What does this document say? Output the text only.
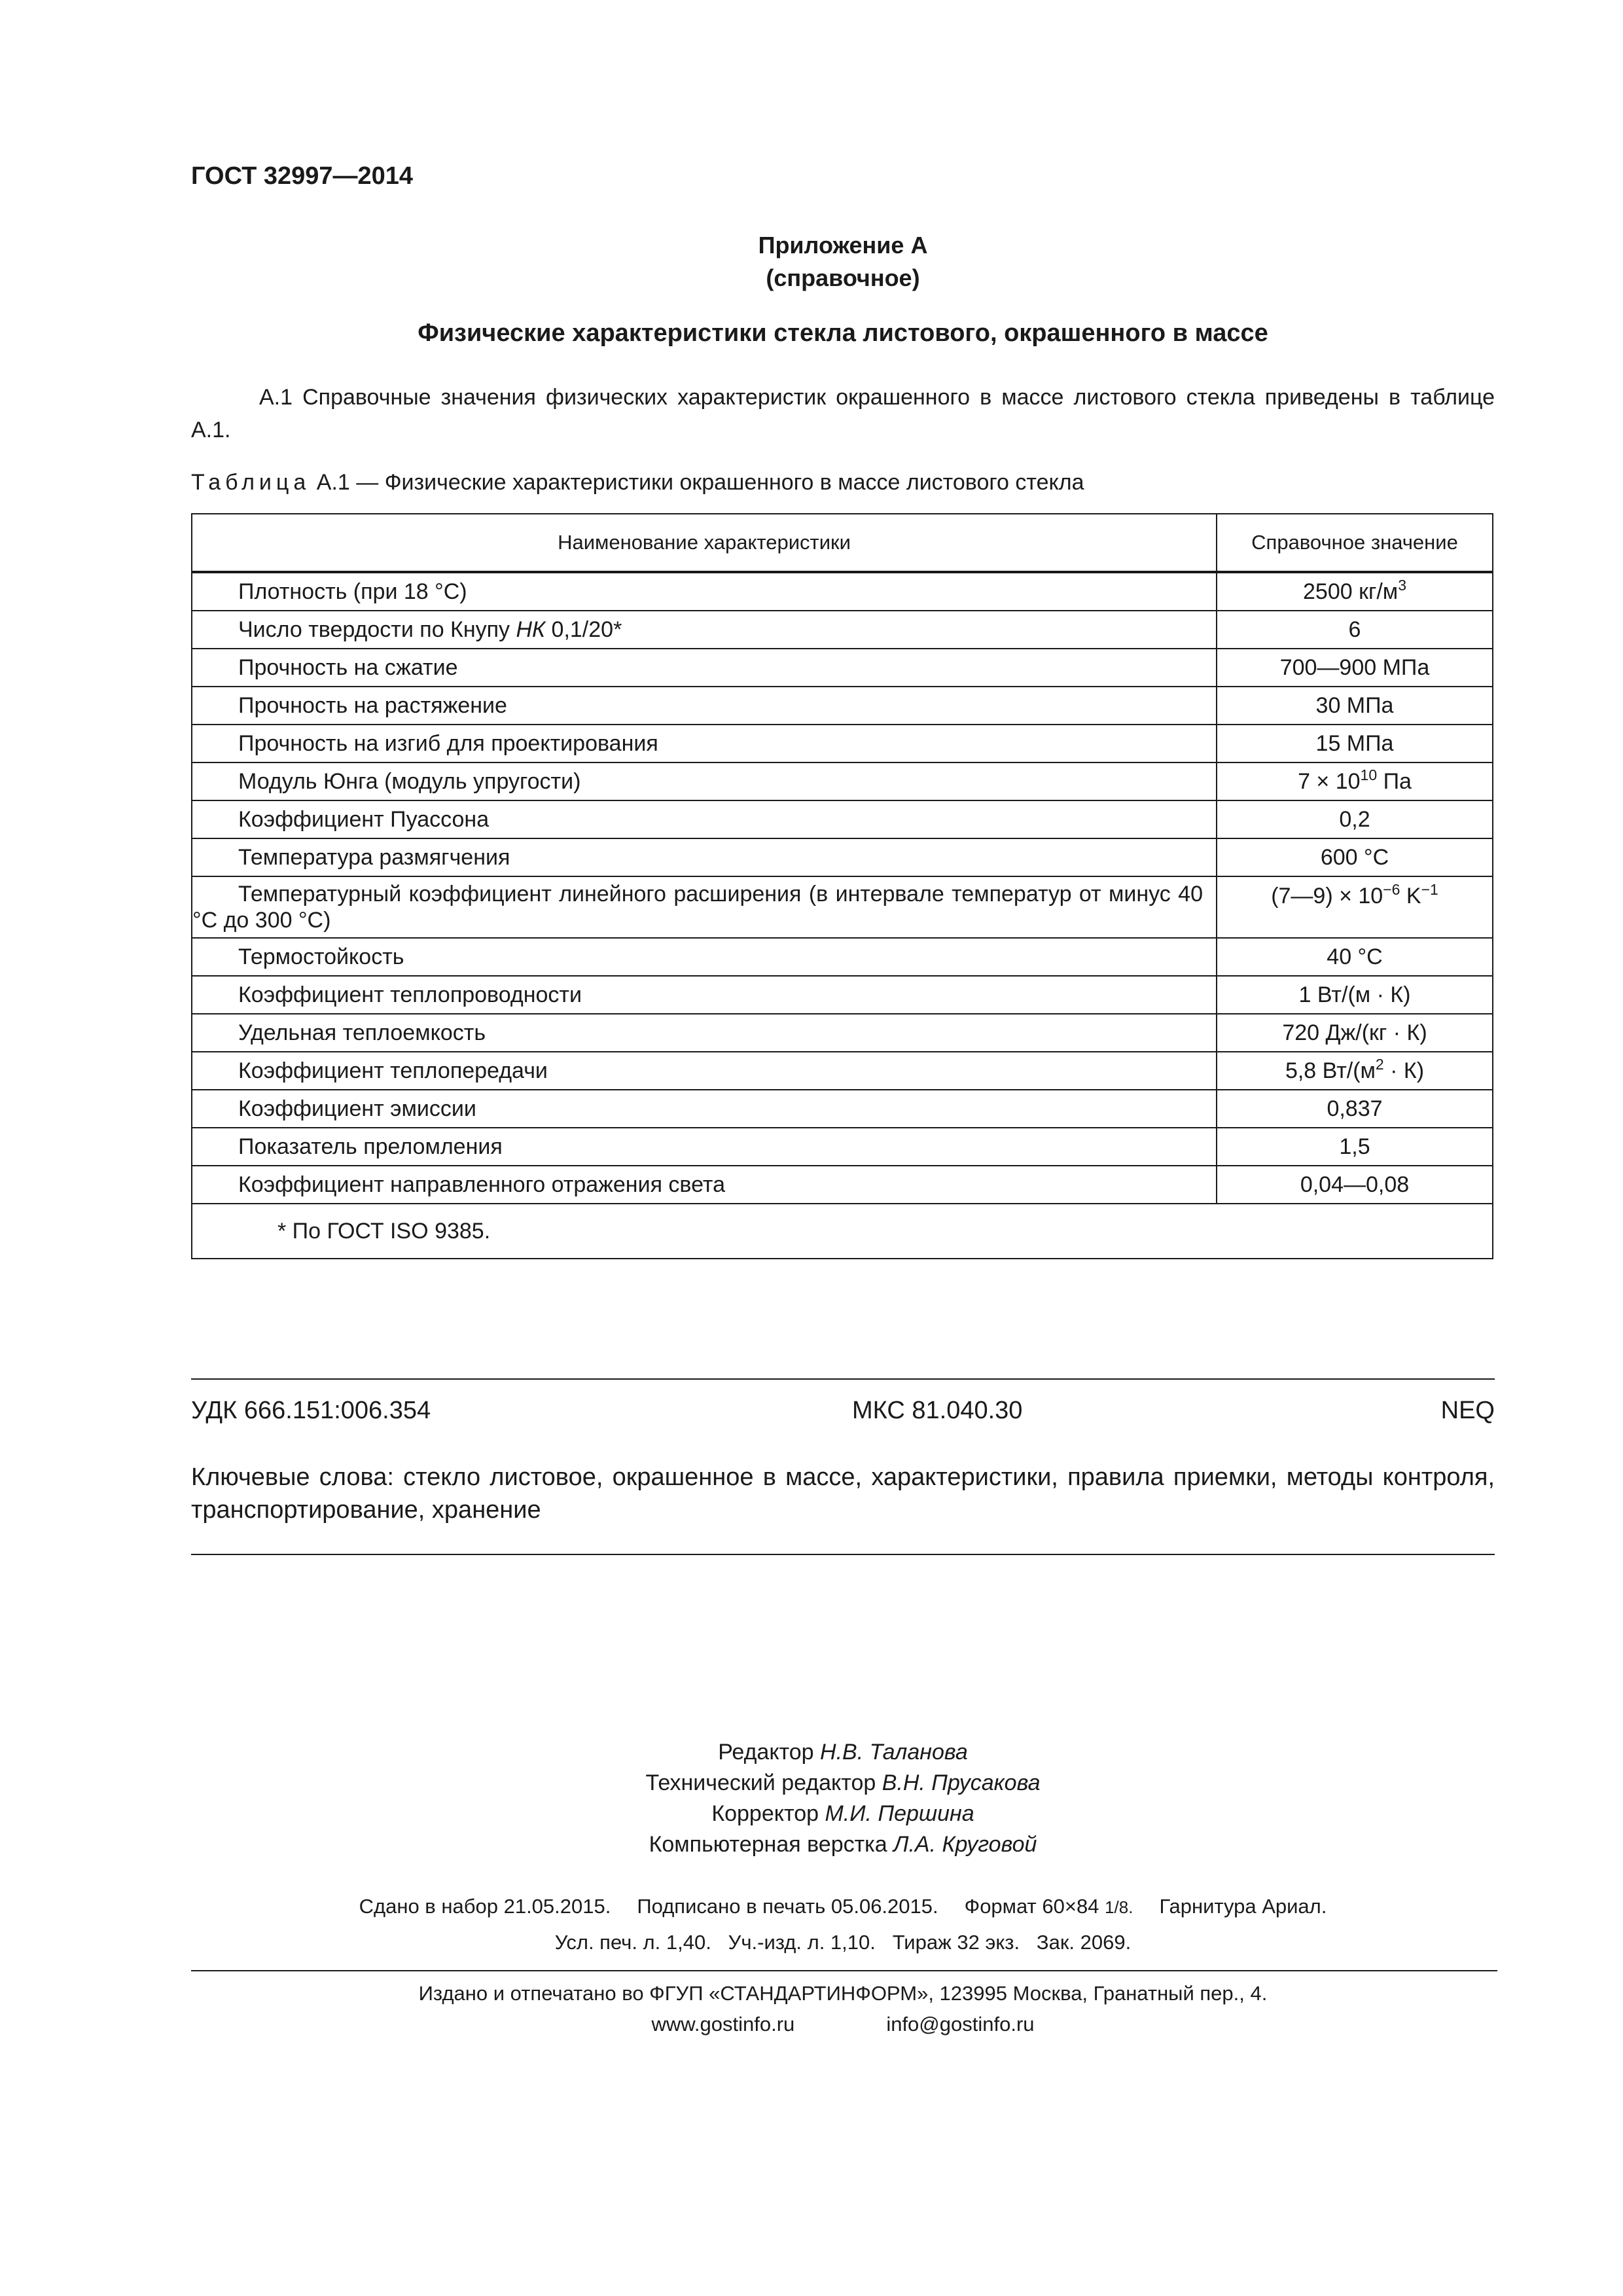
ГОСТ 32997—2014
Приложение А
(справочное)
Физические характеристики стекла листового, окрашенного в массе
А.1 Справочные значения физических характеристик окрашенного в массе листового стекла приведены в таблице А.1.
Таблица А.1 — Физические характеристики окрашенного в массе листового стекла
Наименование характеристики	Справочное значение
Плотность (при 18 °С)	2500 $кг/м^3$
Число твердости по Кнупу НК 0,1/20*	6
Прочность на сжатие	700—900 МПа
Прочность на растяжение	30 МПа
Прочность на изгиб для проектирования	15 МПа
Модуль Юнга (модуль упругости)	$7 \times 10^{10}$ Па
Коэффициент Пуассона	0,2
Температура размягчения	600 °С
Температурный коэффициент линейного расширения (в интервале температур от минус 40 °С до 300 °С)	(7—9) × $10^{-6}$ $K^{-1}$
Термостойкость	40 °С
Коэффициент теплопроводности	1 Вт/(м · К)
Удельная теплоемкость	720 Дж/(кг · К)
Коэффициент теплопередачи	5,8 $Вт/(м^2 \cdot К)$
Коэффициент эмиссии	0,837
Показатель преломления	1,5
Коэффициент направленного отражения света	0,04—0,08
* По ГОСТ ISO 9385.	
УДК 666.151:006.354	МКС 81.040.30	NEQ
Ключевые слова: стекло листовое, окрашенное в массе, характеристики, правила приемки, методы контроля, транспортирование, хранение
Редактор Н.В. Таланова
Технический редактор В.Н. Прусакова
Корректор М.И. Першина
Компьютерная верстка Л.А. Круговой
Сдано в набор 21.05.2015. Подписано в печать 05.06.2015. Формат 60×84 1/8. Гарнитура Ариал.
Усл. печ. л. 1,40.   Уч.-изд. л. 1,10.   Тираж 32 экз.   Зак. 2069.
Издано и отпечатано во ФГУП «СТАНДАРТИНФОРМ», 123995 Москва, Гранатный пер., 4.
www.gostinfo.ru	info@gostinfo.ru
